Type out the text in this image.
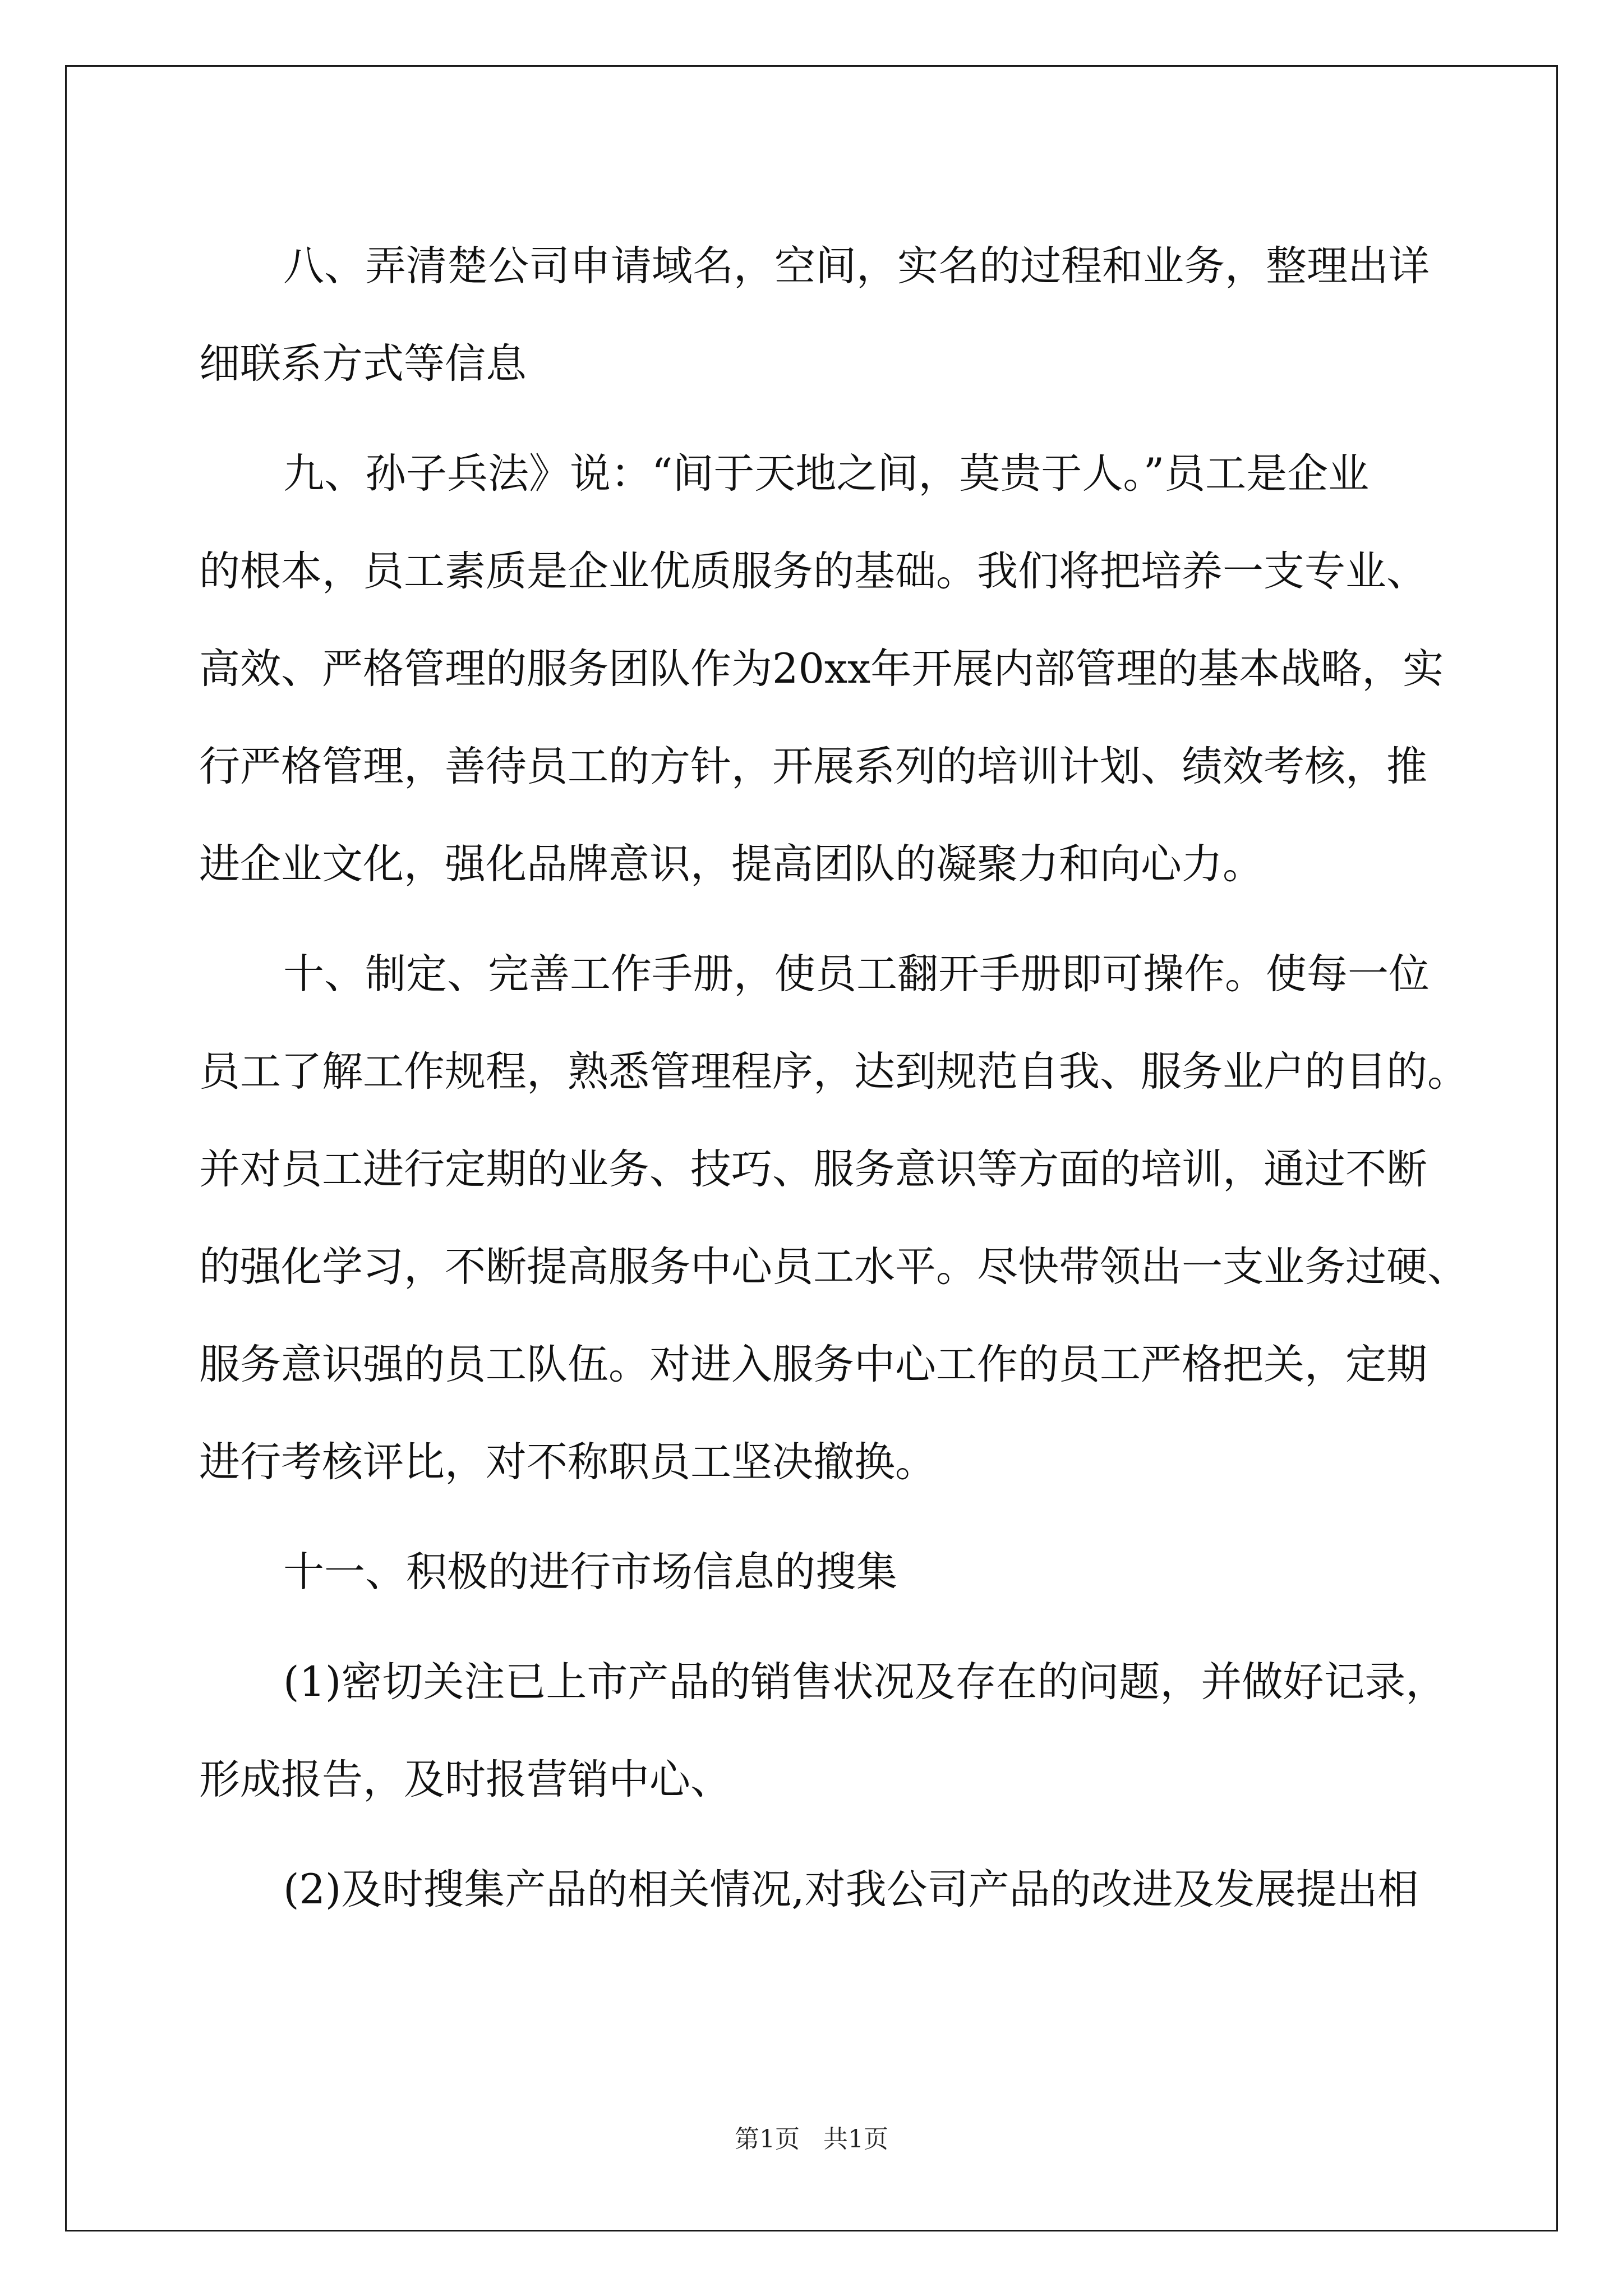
八、弄清楚公司申请域名，空间，实名的过程和业务，整理出详
细联系方式等信息
九、孙子兵法》说：“间于天地之间，莫贵于人。”员工是企业
的根本，员工素质是企业优质服务的基础。我们将把培养一支专业、
高效、严格管理的服务团队作为20xx年开展内部管理的基本战略，实
行严格管理，善待员工的方针，开展系列的培训计划、绩效考核，推
进企业文化，强化品牌意识，提高团队的凝聚力和向心力。
十、制定、完善工作手册，使员工翻开手册即可操作。使每一位
员工了解工作规程，熟悉管理程序，达到规范自我、服务业户的目的。
并对员工进行定期的业务、技巧、服务意识等方面的培训，通过不断
的强化学习，不断提高服务中心员工水平。尽快带领出一支业务过硬、
服务意识强的员工队伍。对进入服务中心工作的员工严格把关，定期
进行考核评比，对不称职员工坚决撤换。
十一、积极的进行市场信息的搜集
(1)密切关注已上市产品的销售状况及存在的问题，并做好记录，
形成报告，及时报营销中心、
(2)及时搜集产品的相关情况,对我公司产品的改进及发展提出相
第1页 共1页
